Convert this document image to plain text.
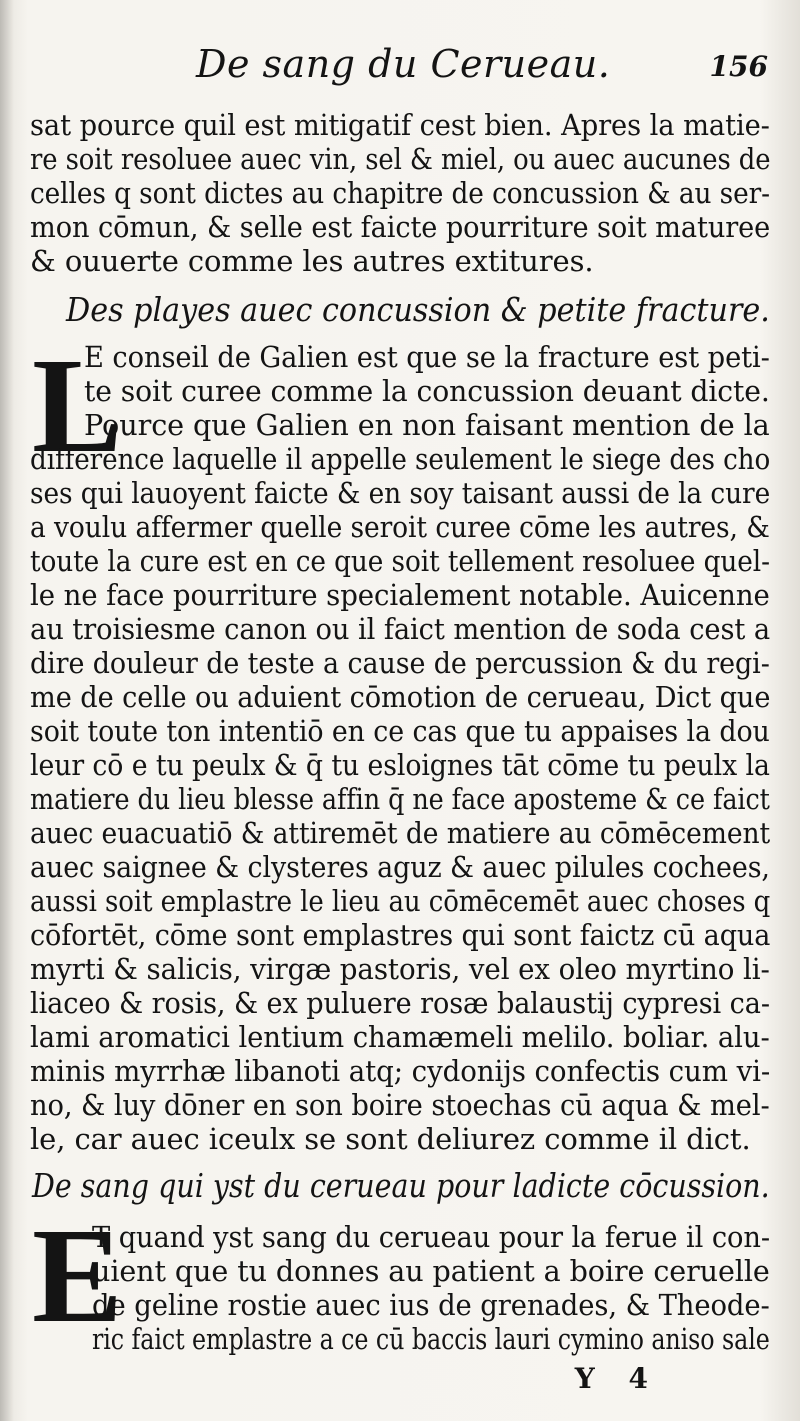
De sang du Cerueau.	156
sat pource quil est mitigatif cest bien. Apres la matie-
re soit resoluee auec vin, sel & miel, ou auec aucunes de
celles q sont dictes au chapitre de concussion & au ser-
mon cōmun, & selle est faicte pourriture soit maturee
& ouuerte comme les autres extitures.
Des playes auec concussion & petite fracture.
L
E conseil de Galien est que se la fracture est peti-
te soit curee comme la concussion deuant dicte.
Pource que Galien en non faisant mention de la
difference laquelle il appelle seulement le siege des cho
ses qui lauoyent faicte & en soy taisant aussi de la cure
a voulu affermer quelle seroit curee cōme les autres, &
toute la cure est en ce que soit tellement resoluee quel-
le ne face pourriture specialement notable. Auicenne
au troisiesme canon ou il faict mention de soda cest a
dire douleur de teste a cause de percussion & du regi-
me de celle ou aduient cōmotion de cerueau, Dict que
soit toute ton intentiō en ce cas que tu appaises la dou
leur cō e tu peulx & q̄ tu esloignes tāt cōme tu peulx la
matiere du lieu blesse affin q̄ ne face aposteme & ce faict
auec euacuatiō & attiremēt de matiere au cōmēcement
auec saignee & clysteres aguz & auec pilules cochees,
aussi soit emplastre le lieu au cōmēcemēt auec choses q
cōfortēt, cōme sont emplastres qui sont faictz cū aqua
myrti & salicis, virgæ pastoris, vel ex oleo myrtino li-
liaceo & rosis, & ex puluere rosæ balaustij cypresi ca-
lami aromatici lentium chamæmeli melilo. boliar. alu-
minis myrrhæ libanoti atq; cydonijs confectis cum vi-
no, & luy dōner en son boire stoechas cū aqua & mel-
le, car auec iceulx se sont deliurez comme il dict.
De sang qui yst du cerueau pour ladicte cōcussion.
E
T quand yst sang du cerueau pour la ferue il con-
uient que tu donnes au patient a boire ceruelle
de geline rostie auec ius de grenades, & Theode-
ric faict emplastre a ce cū baccis lauri cymino aniso sale
Y 4
